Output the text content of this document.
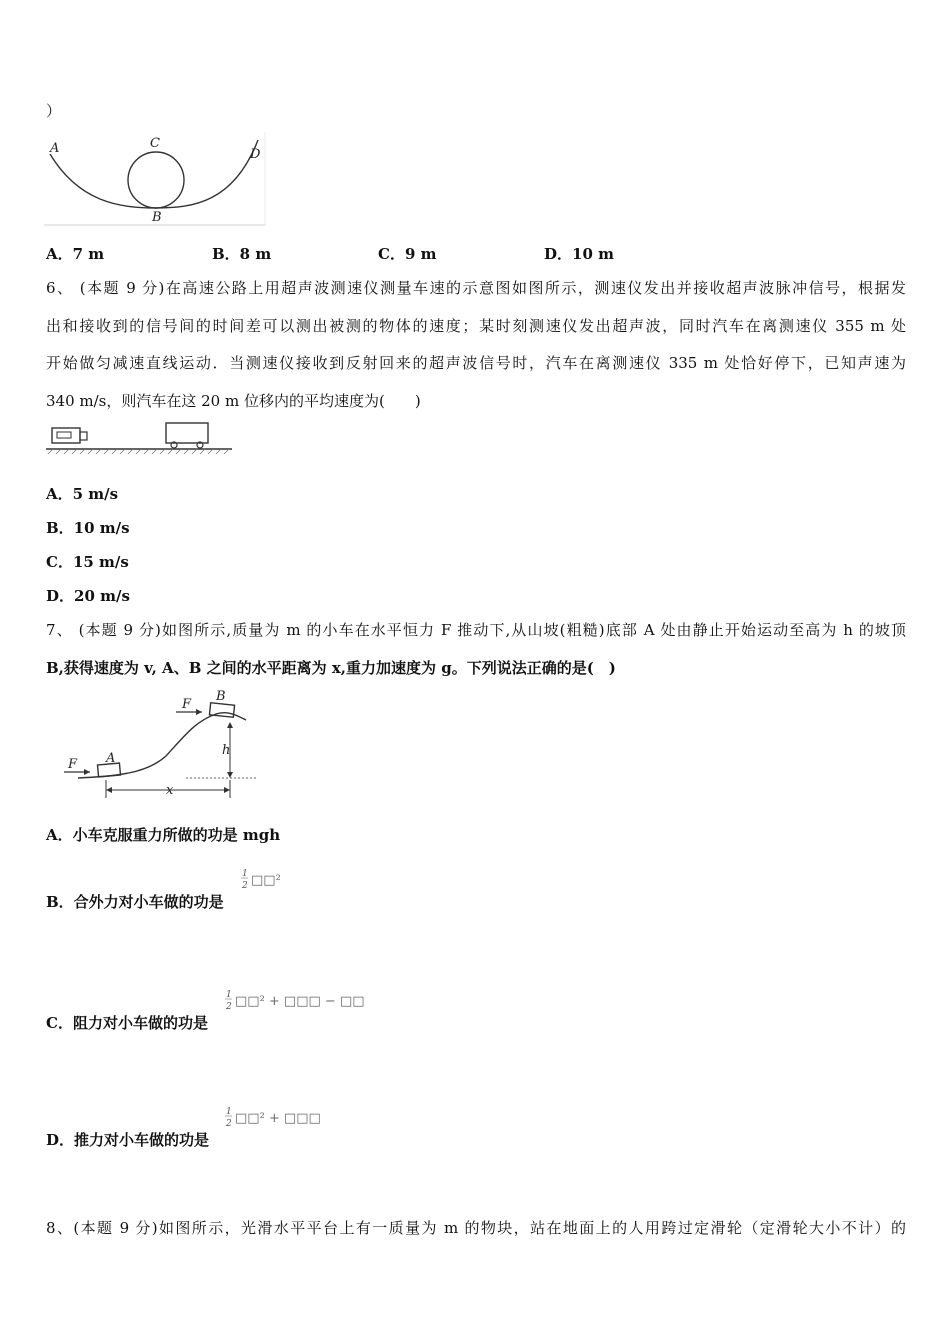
）
A	C
D
B
A．7 m	B．8 m	C．9 m	D．10 m
6、 (本题 9 分)在高速公路上用超声波测速仪测量车速的示意图如图所示，测速仪发出并接收超声波脉冲信号，根据发
出和接收到的信号间的时间差可以测出被测的物体的速度；某时刻测速仪发出超声波，同时汽车在离测速仪 355 m 处
开始做匀减速直线运动．当测速仪接收到反射回来的超声波信号时，汽车在离测速仪 335 m 处恰好停下，已知声速为
340 m/s，则汽车在这 20 m 位移内的平均速度为(　　)
A．5 m/s
B．10 m/s
C．15 m/s
D．20 m/s
7、 (本题 9 分)如图所示,质量为 m 的小车在水平恒力 F 推动下,从山坡(粗糙)底部 A 处由静止开始运动至高为 h 的坡顶
B,获得速度为 v, A、B 之间的水平距离为 x,重力加速度为 g。下列说法正确的是(　)
F
F
A
B
h
x
A．小车克服重力所做的功是 mgh
B．合外力对小车做的功是
1
2 □□²
C．阻力对小车做的功是
1
2 □□² + □□□ − □□
D．推力对小车做的功是
1
2 □□² + □□□
8、(本题 9 分)如图所示，光滑水平平台上有一质量为 m 的物块，站在地面上的人用跨过定滑轮（定滑轮大小不计）的
